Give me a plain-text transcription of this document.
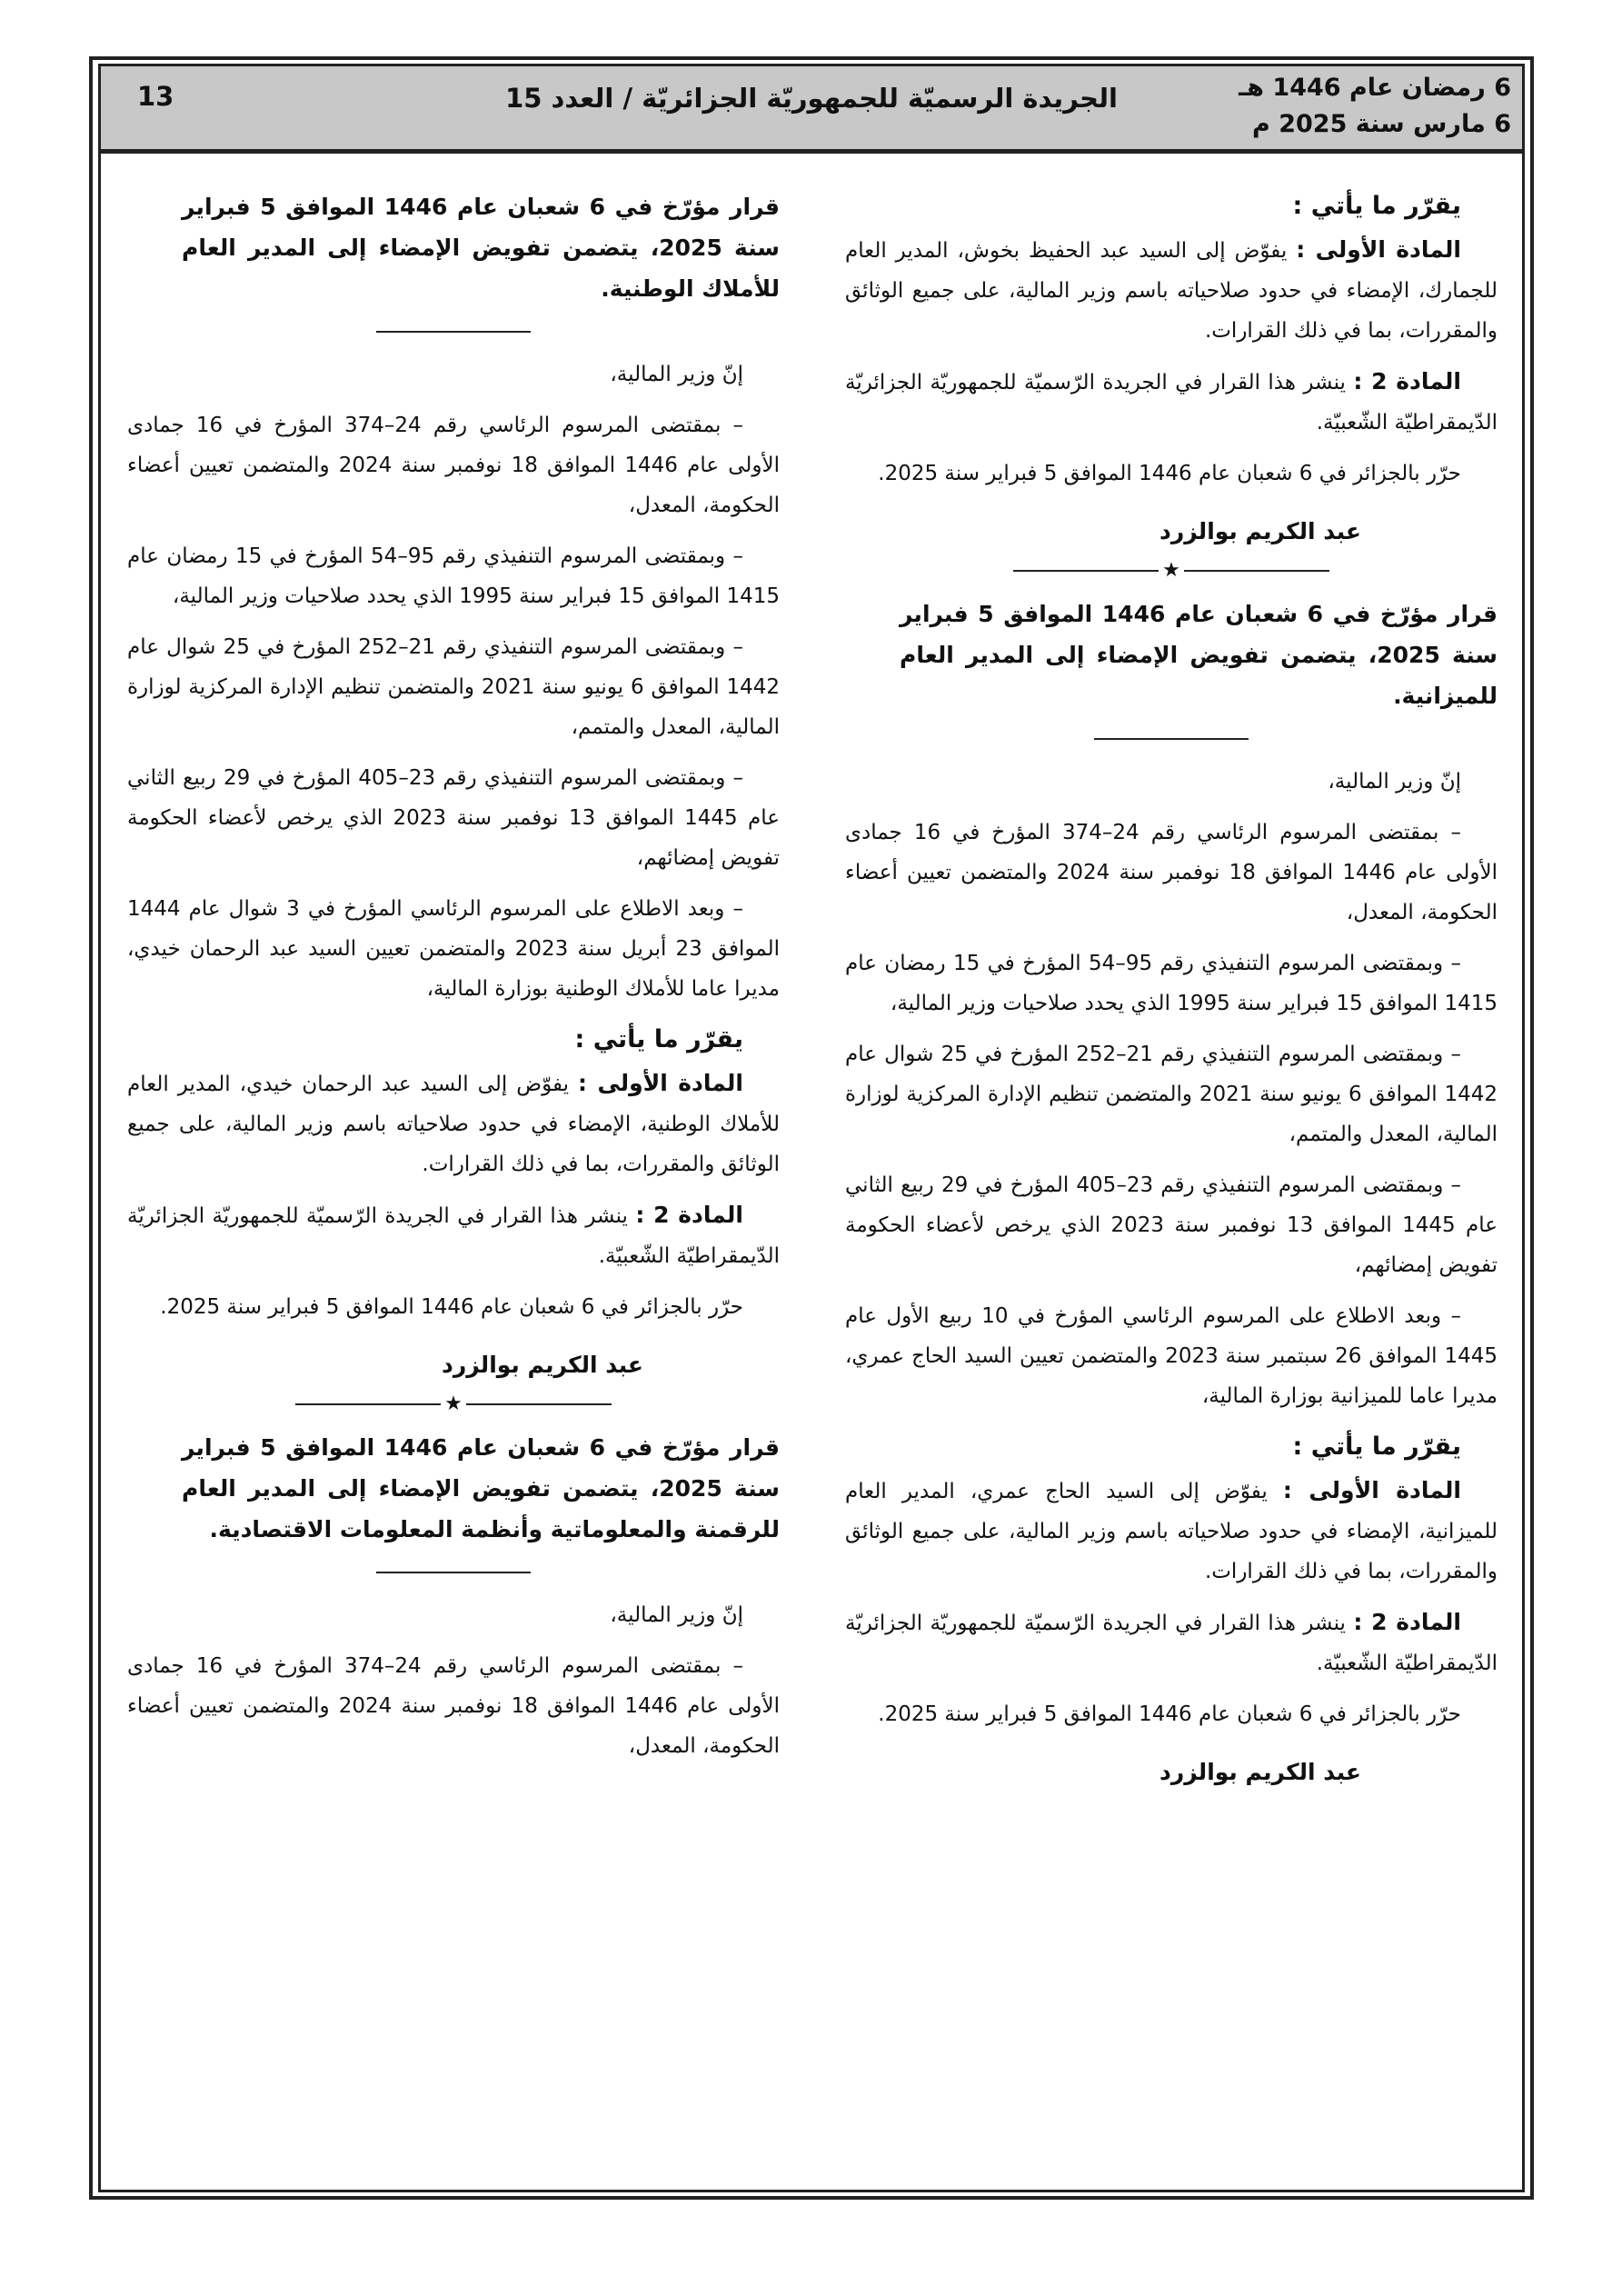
6 رمضان عام 1446 هـ
6 مارس سنة 2025 م
الجريدة الرسميّة للجمهوريّة الجزائريّة / العدد 15
13
يقرّر ما يأتي :
المادة الأولى : يفوّض إلى السيد عبد الحفيظ بخوش، المدير العام للجمارك، الإمضاء في حدود صلاحياته باسم وزير المالية، على جميع الوثائق والمقررات، بما في ذلك القرارات.
المادة 2 : ينشر هذا القرار في الجريدة الرّسميّة للجمهوريّة الجزائريّة الدّيمقراطيّة الشّعبيّة.
حرّر بالجزائر في 6 شعبان عام 1446 الموافق 5 فبراير سنة 2025.
عبد الكريم بوالزرد
★
قرار مؤرّخ في 6 شعبان عام 1446 الموافق 5 فبراير سنة 2025، يتضمن تفويض الإمضاء إلى المدير العام للميزانية.
إنّ وزير المالية،
– بمقتضى المرسوم الرئاسي رقم 24–374 المؤرخ في 16 جمادى الأولى عام 1446 الموافق 18 نوفمبر سنة 2024 والمتضمن تعيين أعضاء الحكومة، المعدل،
– وبمقتضى المرسوم التنفيذي رقم 95–54 المؤرخ في 15 رمضان عام 1415 الموافق 15 فبراير سنة 1995 الذي يحدد صلاحيات وزير المالية،
– وبمقتضى المرسوم التنفيذي رقم 21–252 المؤرخ في 25 شوال عام 1442 الموافق 6 يونيو سنة 2021 والمتضمن تنظيم الإدارة المركزية لوزارة المالية، المعدل والمتمم،
– وبمقتضى المرسوم التنفيذي رقم 23–405 المؤرخ في 29 ربيع الثاني عام 1445 الموافق 13 نوفمبر سنة 2023 الذي يرخص لأعضاء الحكومة تفويض إمضائهم،
– وبعد الاطلاع على المرسوم الرئاسي المؤرخ في 10 ربيع الأول عام 1445 الموافق 26 سبتمبر سنة 2023 والمتضمن تعيين السيد الحاج عمري، مديرا عاما للميزانية بوزارة المالية،
يقرّر ما يأتي :
المادة الأولى : يفوّض إلى السيد الحاج عمري، المدير العام للميزانية، الإمضاء في حدود صلاحياته باسم وزير المالية، على جميع الوثائق والمقررات، بما في ذلك القرارات.
المادة 2 : ينشر هذا القرار في الجريدة الرّسميّة للجمهوريّة الجزائريّة الدّيمقراطيّة الشّعبيّة.
حرّر بالجزائر في 6 شعبان عام 1446 الموافق 5 فبراير سنة 2025.
عبد الكريم بوالزرد
قرار مؤرّخ في 6 شعبان عام 1446 الموافق 5 فبراير سنة 2025، يتضمن تفويض الإمضاء إلى المدير العام للأملاك الوطنية.
إنّ وزير المالية،
– بمقتضى المرسوم الرئاسي رقم 24–374 المؤرخ في 16 جمادى الأولى عام 1446 الموافق 18 نوفمبر سنة 2024 والمتضمن تعيين أعضاء الحكومة، المعدل،
– وبمقتضى المرسوم التنفيذي رقم 95–54 المؤرخ في 15 رمضان عام 1415 الموافق 15 فبراير سنة 1995 الذي يحدد صلاحيات وزير المالية،
– وبمقتضى المرسوم التنفيذي رقم 21–252 المؤرخ في 25 شوال عام 1442 الموافق 6 يونيو سنة 2021 والمتضمن تنظيم الإدارة المركزية لوزارة المالية، المعدل والمتمم،
– وبمقتضى المرسوم التنفيذي رقم 23–405 المؤرخ في 29 ربيع الثاني عام 1445 الموافق 13 نوفمبر سنة 2023 الذي يرخص لأعضاء الحكومة تفويض إمضائهم،
– وبعد الاطلاع على المرسوم الرئاسي المؤرخ في 3 شوال عام 1444 الموافق 23 أبريل سنة 2023 والمتضمن تعيين السيد عبد الرحمان خيدي، مديرا عاما للأملاك الوطنية بوزارة المالية،
يقرّر ما يأتي :
المادة الأولى : يفوّض إلى السيد عبد الرحمان خيدي، المدير العام للأملاك الوطنية، الإمضاء في حدود صلاحياته باسم وزير المالية، على جميع الوثائق والمقررات، بما في ذلك القرارات.
المادة 2 : ينشر هذا القرار في الجريدة الرّسميّة للجمهوريّة الجزائريّة الدّيمقراطيّة الشّعبيّة.
حرّر بالجزائر في 6 شعبان عام 1446 الموافق 5 فبراير سنة 2025.
عبد الكريم بوالزرد
★
قرار مؤرّخ في 6 شعبان عام 1446 الموافق 5 فبراير سنة 2025، يتضمن تفويض الإمضاء إلى المدير العام للرقمنة والمعلوماتية وأنظمة المعلومات الاقتصادية.
إنّ وزير المالية،
– بمقتضى المرسوم الرئاسي رقم 24–374 المؤرخ في 16 جمادى الأولى عام 1446 الموافق 18 نوفمبر سنة 2024 والمتضمن تعيين أعضاء الحكومة، المعدل،
